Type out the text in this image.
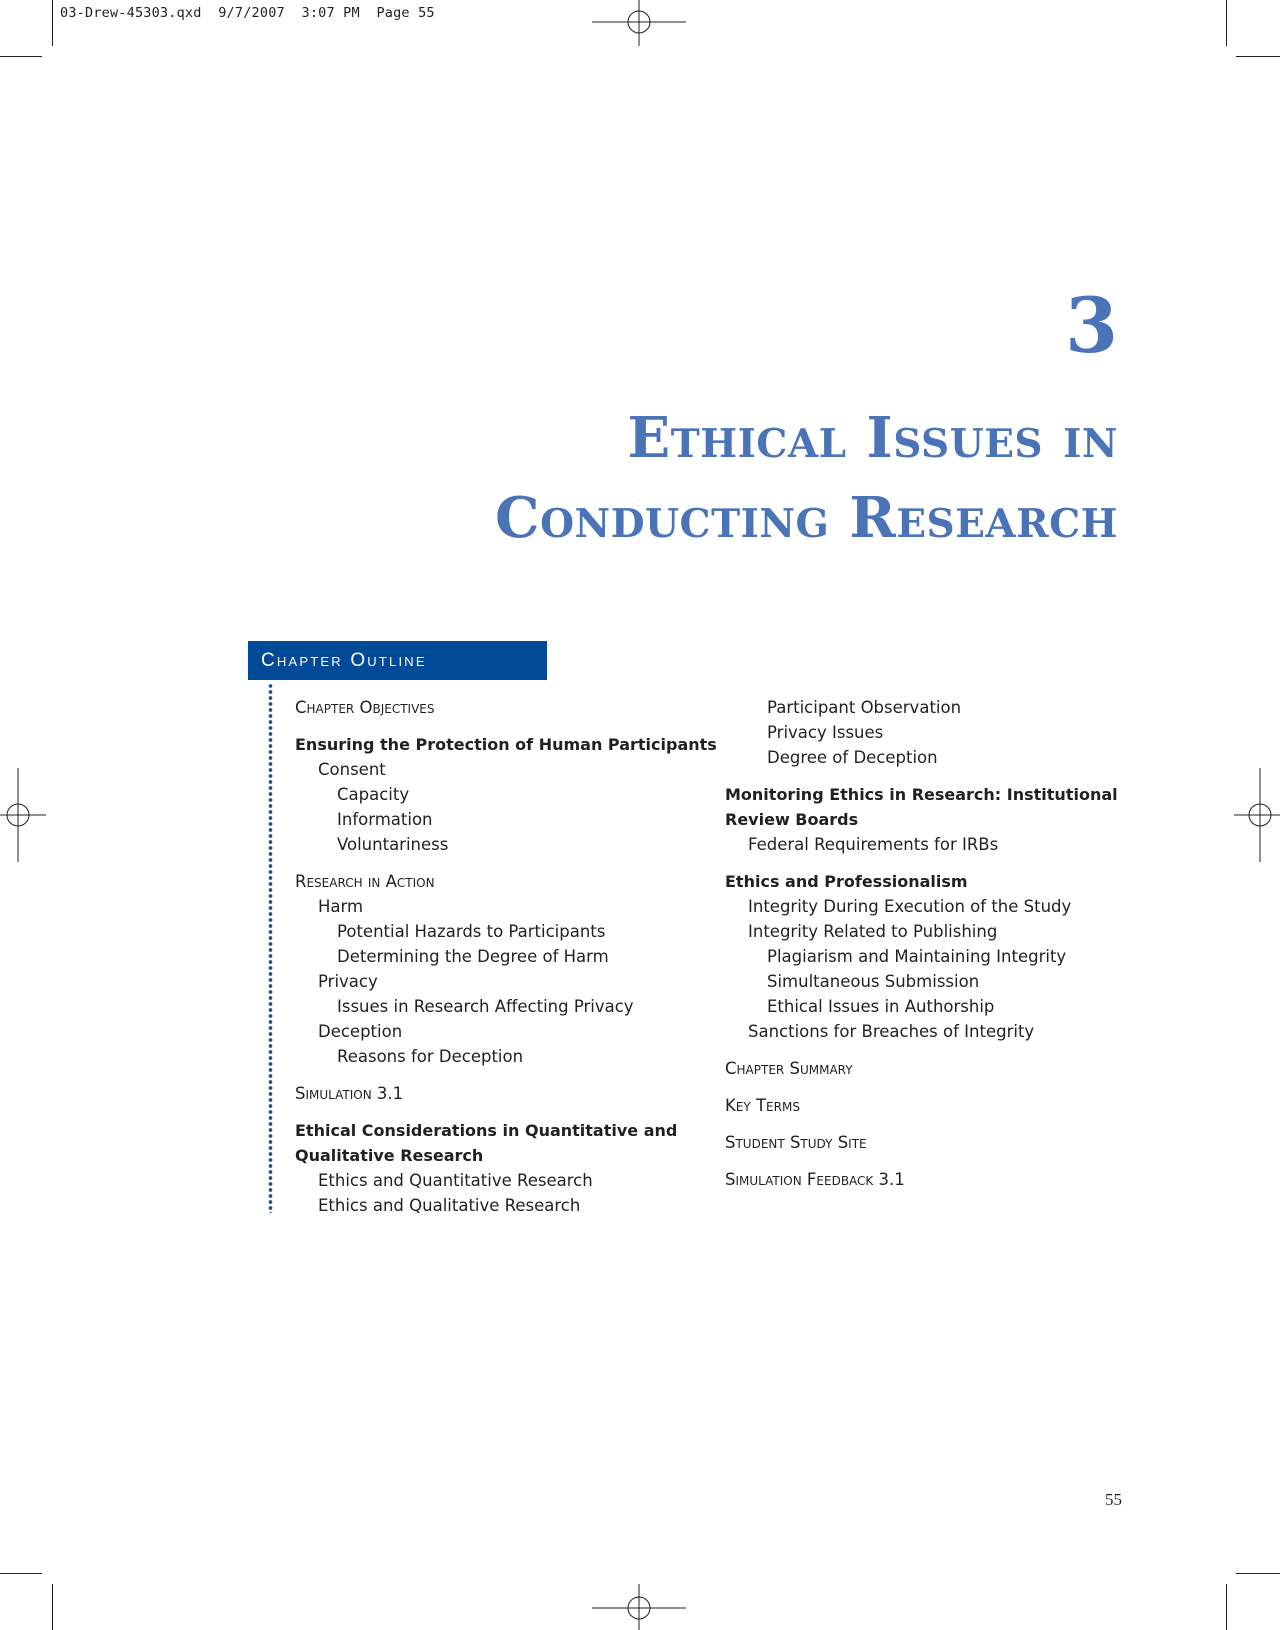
03-Drew-45303.qxd  9/7/2007  3:07 PM  Page 55
3
Ethical Issues in
Conducting Research
Chapter Outline
Chapter Objectives
Ensuring the Protection of Human Participants
Consent
Capacity
Information
Voluntariness
Research in Action
Harm
Potential Hazards to Participants
Determining the Degree of Harm
Privacy
Issues in Research Affecting Privacy
Deception
Reasons for Deception
Simulation 3.1
Ethical Considerations in Quantitative and
Qualitative Research
Ethics and Quantitative Research
Ethics and Qualitative Research
Participant Observation
Privacy Issues
Degree of Deception
Monitoring Ethics in Research: Institutional
Review Boards
Federal Requirements for IRBs
Ethics and Professionalism
Integrity During Execution of the Study
Integrity Related to Publishing
Plagiarism and Maintaining Integrity
Simultaneous Submission
Ethical Issues in Authorship
Sanctions for Breaches of Integrity
Chapter Summary
Key Terms
Student Study Site
Simulation Feedback 3.1
55
